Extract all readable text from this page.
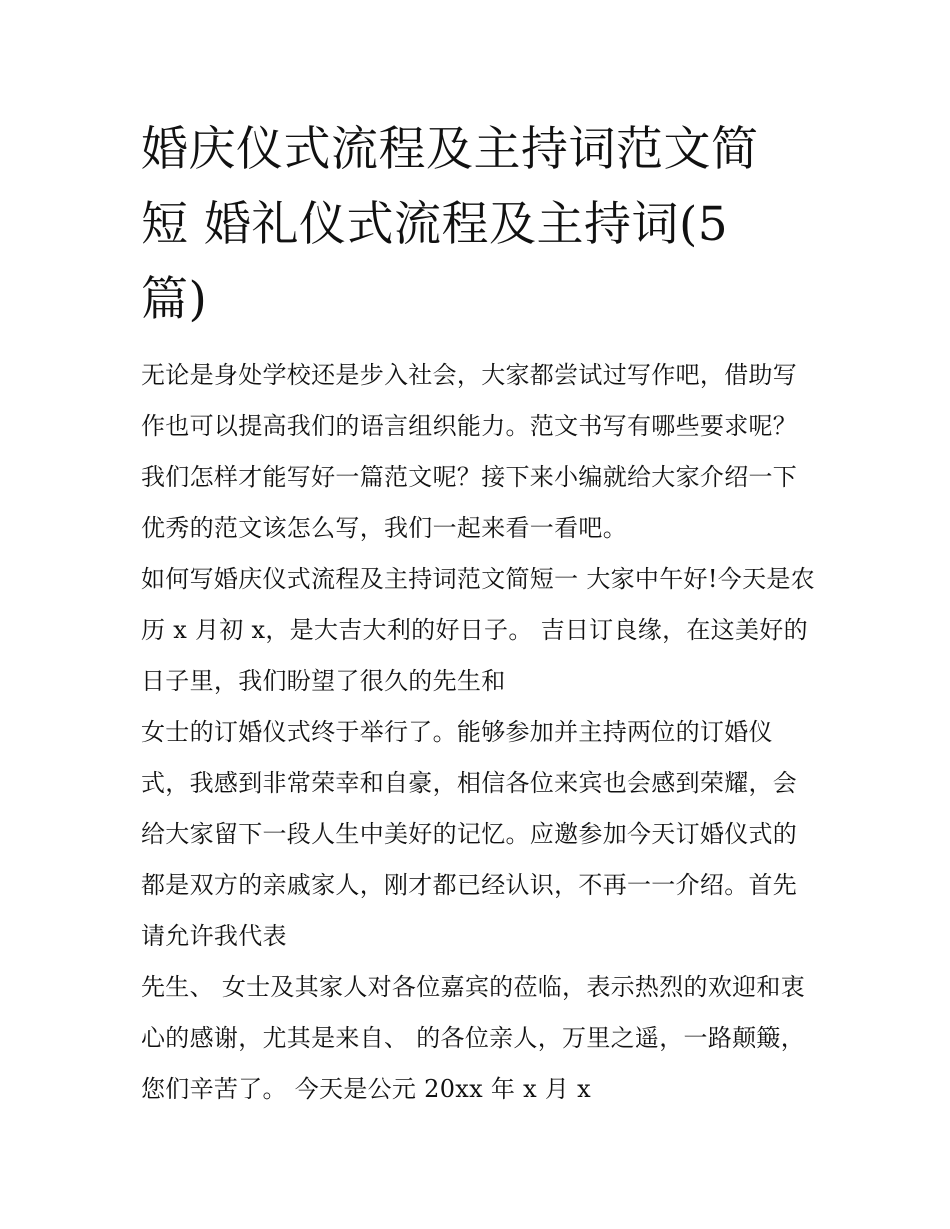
婚庆仪式流程及主持词范文简
短 婚礼仪式流程及主持词(5
篇)

无论是身处学校还是步入社会，大家都尝试过写作吧，借助写作也可以提高我们的语言组织能力。范文书写有哪些要求呢？我们怎样才能写好一篇范文呢？接下来小编就给大家介绍一下优秀的范文该怎么写，我们一起来看一看吧。

如何写婚庆仪式流程及主持词范文简短一 大家中午好!今天是农历 x 月初 x，是大吉大利的好日子。 吉日订良缘，在这美好的日子里，我们盼望了很久的先生和

女士的订婚仪式终于举行了。能够参加并主持两位的订婚仪式，我感到非常荣幸和自豪，相信各位来宾也会感到荣耀，会给大家留下一段人生中美好的记忆。应邀参加今天订婚仪式的都是双方的亲戚家人，刚才都已经认识，不再一一介绍。首先请允许我代表

先生、 女士及其家人对各位嘉宾的莅临，表示热烈的欢迎和衷心的感谢，尤其是来自、 的各位亲人，万里之遥，一路颠簸，您们辛苦了。 今天是公元 20xx 年 x 月 x
